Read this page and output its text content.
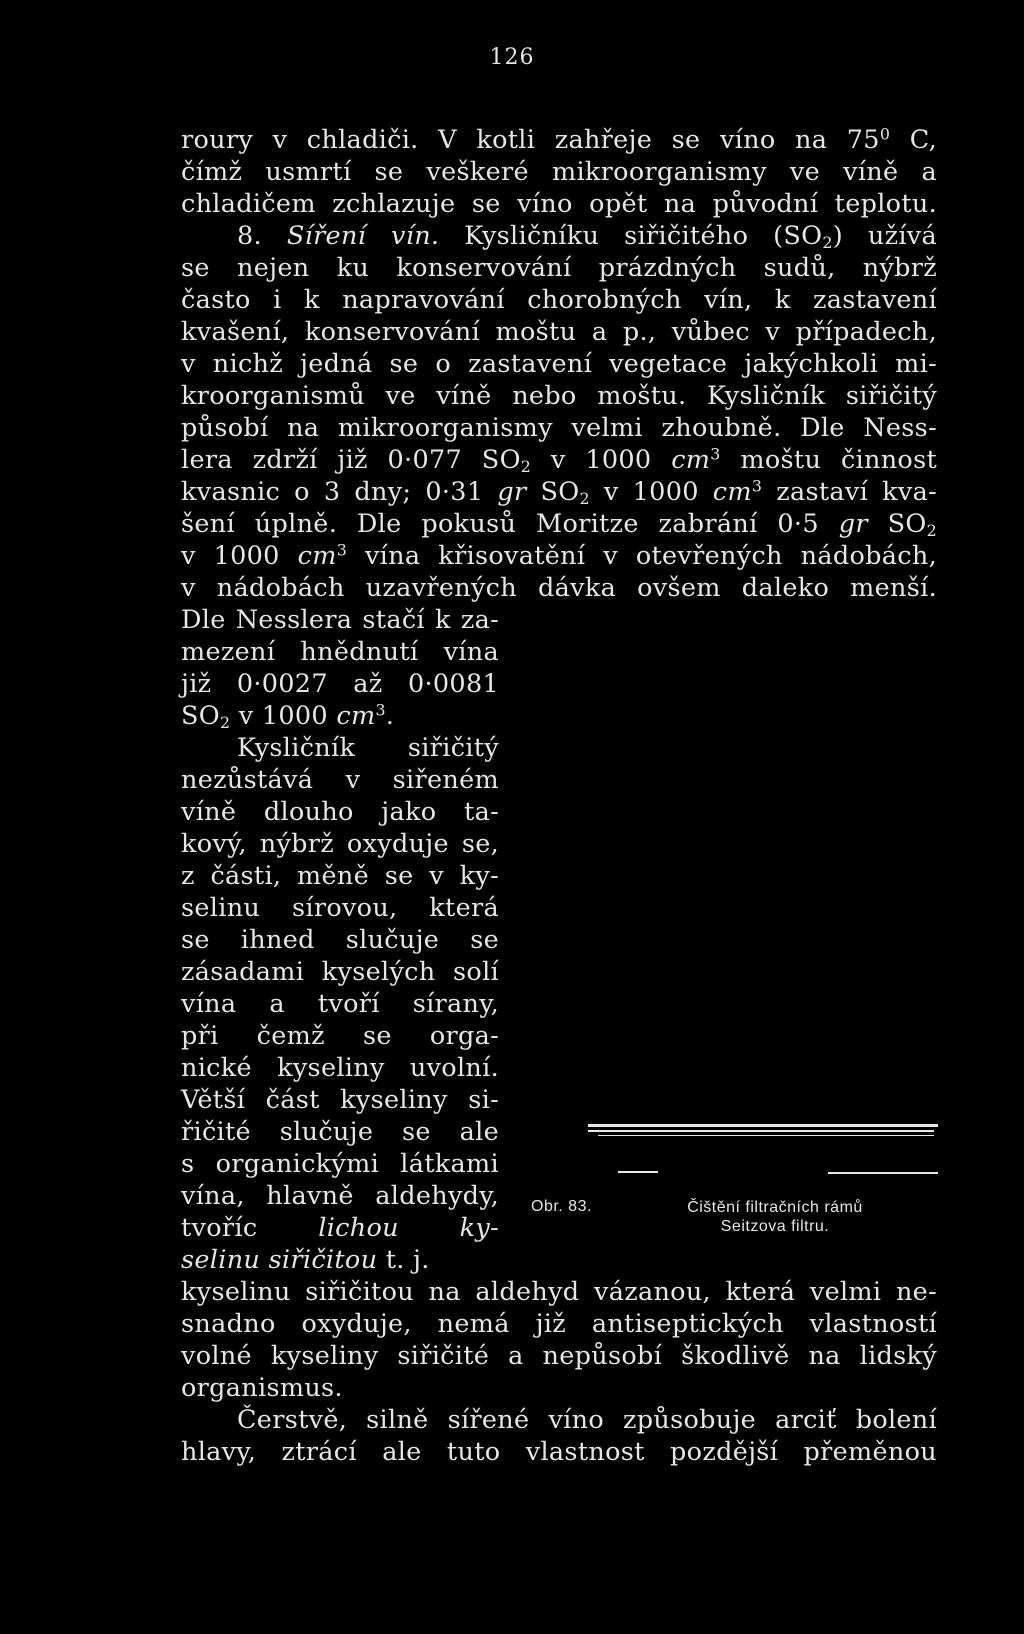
126
roury v chladiči. V kotli zahřeje se víno na $75^0$ C,
čímž usmrtí se veškeré mikroorganismy ve víně a
chladičem zchlazuje se víno opět na původní teplotu.
8. Síření vín. Kysličníku siřičitého $(SO_2)$ užívá
se nejen ku konservování prázdných sudů, nýbrž
často i k napravování chorobných vín, k zastavení
kvašení, konservování moštu a p., vůbec v případech,
v nichž jedná se o zastavení vegetace jakýchkoli mi-
kroorganismů ve víně nebo moštu. Kysličník siřičitý
působí na mikroorganismy velmi zhoubně. Dle Ness-
lera zdrží již 0·077 $SO_2$ v 1000 $cm^3$ moštu činnost
kvasnic o 3 dny; 0·31 gr $SO_2$ v 1000 $cm^3$ zastaví kva-
šení úplně. Dle pokusů Moritze zabrání 0·5 gr $SO_2$
v 1000 $cm^3$ vína křisovatění v otevřených nádobách,
v nádobách uzavřených dávka ovšem daleko menší.
Dle Nesslera stačí k za-
mezení hnědnutí vína
již 0·0027 až 0·0081
$SO_2$ v 1000 $cm^3$.
Kysličník siřičitý
nezůstává v siřeném
víně dlouho jako ta-
kový, nýbrž oxyduje se,
z části, měně se v ky-
selinu sírovou, která
se ihned slučuje se
zásadami kyselých solí
vína a tvoří sírany,
při čemž se orga-
nické kyseliny uvolní.
Větší část kyseliny si-
řičité slučuje se ale
s organickými látkami
vína, hlavně aldehydy,
tvoříc lichou ky-
selinu siřičitou t. j.
Obr. 83.	Čištění filtračních rámů
Seitzova filtru.
kyselinu siřičitou na aldehyd vázanou, která velmi ne-
snadno oxyduje, nemá již antiseptických vlastností
volné kyseliny siřičité a nepůsobí škodlivě na lidský
organismus.
Čerstvě, silně sířené víno způsobuje arciť bolení
hlavy, ztrácí ale tuto vlastnost pozdější přeměnou
